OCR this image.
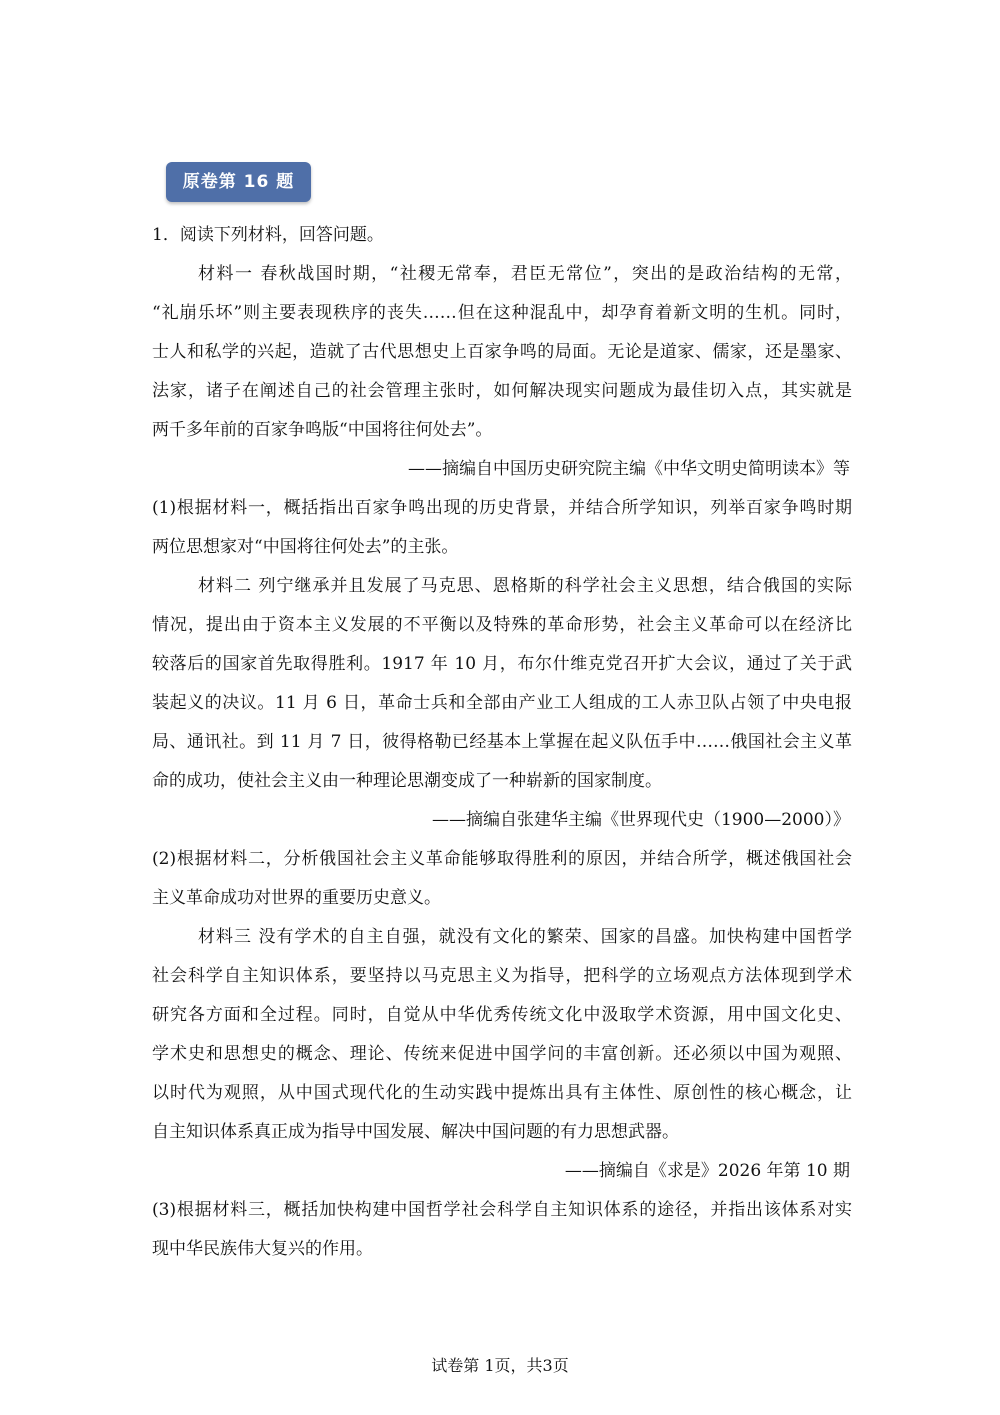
原卷第 16 题
1．阅读下列材料，回答问题。
材料一 春秋战国时期，“社稷无常奉，君臣无常位”，突出的是政治结构的无常，
“礼崩乐坏”则主要表现秩序的丧失……但在这种混乱中，却孕育着新文明的生机。同时，
士人和私学的兴起，造就了古代思想史上百家争鸣的局面。无论是道家、儒家，还是墨家、
法家，诸子在阐述自己的社会管理主张时，如何解决现实问题成为最佳切入点，其实就是
两千多年前的百家争鸣版“中国将往何处去”。
——摘编自中国历史研究院主编《中华文明史简明读本》等
(1)根据材料一，概括指出百家争鸣出现的历史背景，并结合所学知识，列举百家争鸣时期
两位思想家对“中国将往何处去”的主张。
材料二 列宁继承并且发展了马克思、恩格斯的科学社会主义思想，结合俄国的实际
情况，提出由于资本主义发展的不平衡以及特殊的革命形势，社会主义革命可以在经济比
较落后的国家首先取得胜利。1917 年 10 月，布尔什维克党召开扩大会议，通过了关于武
装起义的决议。11 月 6 日，革命士兵和全部由产业工人组成的工人赤卫队占领了中央电报
局、通讯社。到 11 月 7 日，彼得格勒已经基本上掌握在起义队伍手中……俄国社会主义革
命的成功，使社会主义由一种理论思潮变成了一种崭新的国家制度。
——摘编自张建华主编《世界现代史（1900—2000）》
(2)根据材料二，分析俄国社会主义革命能够取得胜利的原因，并结合所学，概述俄国社会
主义革命成功对世界的重要历史意义。
材料三 没有学术的自主自强，就没有文化的繁荣、国家的昌盛。加快构建中国哲学
社会科学自主知识体系，要坚持以马克思主义为指导，把科学的立场观点方法体现到学术
研究各方面和全过程。同时，自觉从中华优秀传统文化中汲取学术资源，用中国文化史、
学术史和思想史的概念、理论、传统来促进中国学问的丰富创新。还必须以中国为观照、
以时代为观照，从中国式现代化的生动实践中提炼出具有主体性、原创性的核心概念，让
自主知识体系真正成为指导中国发展、解决中国问题的有力思想武器。
——摘编自《求是》2026 年第 10 期
(3)根据材料三，概括加快构建中国哲学社会科学自主知识体系的途径，并指出该体系对实
现中华民族伟大复兴的作用。
试卷第 1页，共3页
